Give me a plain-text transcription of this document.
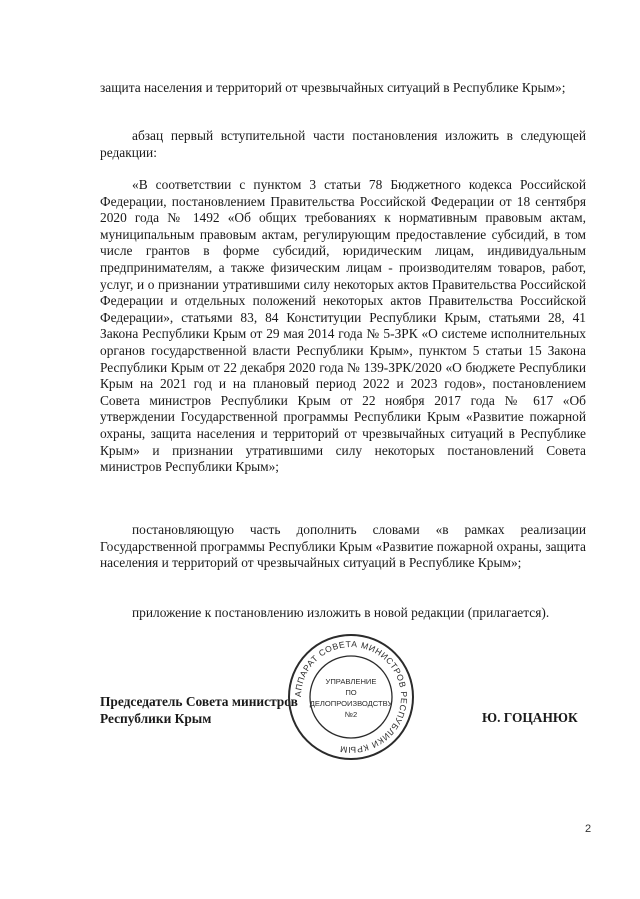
защита населения и территорий от чрезвычайных ситуаций в Республике Крым»;

абзац первый вступительной части постановления изложить в следующей редакции:

«В соответствии с пунктом 3 статьи 78 Бюджетного кодекса Российской Федерации, постановлением Правительства Российской Федерации от 18 сентября 2020 года № 1492 «Об общих требованиях к нормативным правовым актам, муниципальным правовым актам, регулирующим предоставление субсидий, в том числе грантов в форме субсидий, юридическим лицам, индивидуальным предпринимателям, а также физическим лицам - производителям товаров, работ, услуг, и о признании утратившими силу некоторых актов Правительства Российской Федерации и отдельных положений некоторых актов Правительства Российской Федерации», статьями 83, 84 Конституции Республики Крым, статьями 28, 41 Закона Республики Крым от 29 мая 2014 года № 5-ЗРК «О системе исполнительных органов государственной власти Республики Крым», пунктом 5 статьи 15 Закона Республики Крым от 22 декабря 2020 года № 139-ЗРК/2020 «О бюджете Республики Крым на 2021 год и на плановый период 2022 и 2023 годов», постановлением Совета министров Республики Крым от 22 ноября 2017 года № 617 «Об утверждении Государственной программы Республики Крым «Развитие пожарной охраны, защита населения и территорий от чрезвычайных ситуаций в Республике Крым» и признании утратившими силу некоторых постановлений Совета министров Республики Крым»;

постановляющую часть дополнить словами «в рамках реализации Государственной программы Республики Крым «Развитие пожарной охраны, защита населения и территорий от чрезвычайных ситуаций в Республике Крым»;

приложение к постановлению изложить в новой редакции (прилагается).

Председатель Совета министров
Республики Крым	Ю. ГОЦАНЮК
АППАРАТ СОВЕТА МИНИСТРОВ РЕСПУБЛИКИ КРЫМ
УПРАВЛЕНИЕ
ПО
ДЕЛОПРОИЗВОДСТВУ
№2
2
